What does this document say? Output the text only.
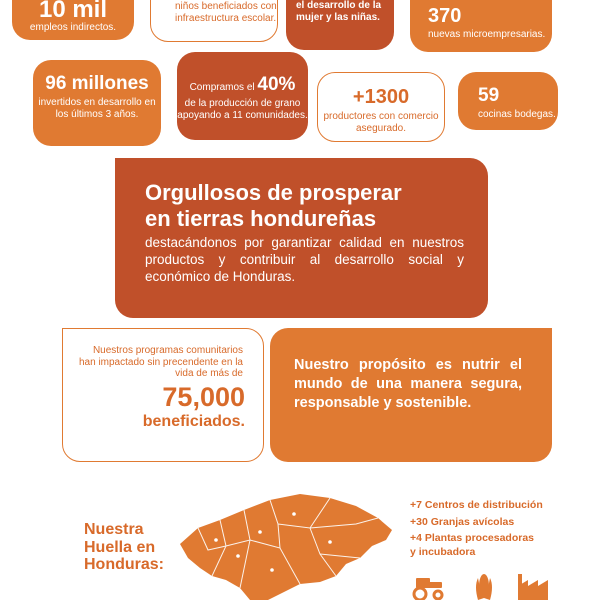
10 mil
empleos indirectos.
niños beneficiados con infraestructura escolar.
el desarrollo de la mujer y las niñas.	370
nuevas microempresarias.
96 millones
invertidos en desarrollo en los últimos 3 años.
Compramos el 40%
de la producción de grano apoyando a 11 comunidades.
+1300
productores con comercio asegurado.
59
cocinas bodegas.
Orgullosos de prosperar
en tierras hondureñas
destacándonos por garantizar calidad en nuestros productos y contribuir al desarrollo social y económico de Honduras.
Nuestros programas comunitarios han impactado sin precendente en la vida de más de
75,000
beneficiados.
Nuestro propósito es nutrir el mundo de una manera segura, responsable y sostenible.
Nuestra
Huella en
Honduras:
+7 Centros de distribución
+30 Granjas avícolas
+4 Plantas procesadoras
y incubadora
